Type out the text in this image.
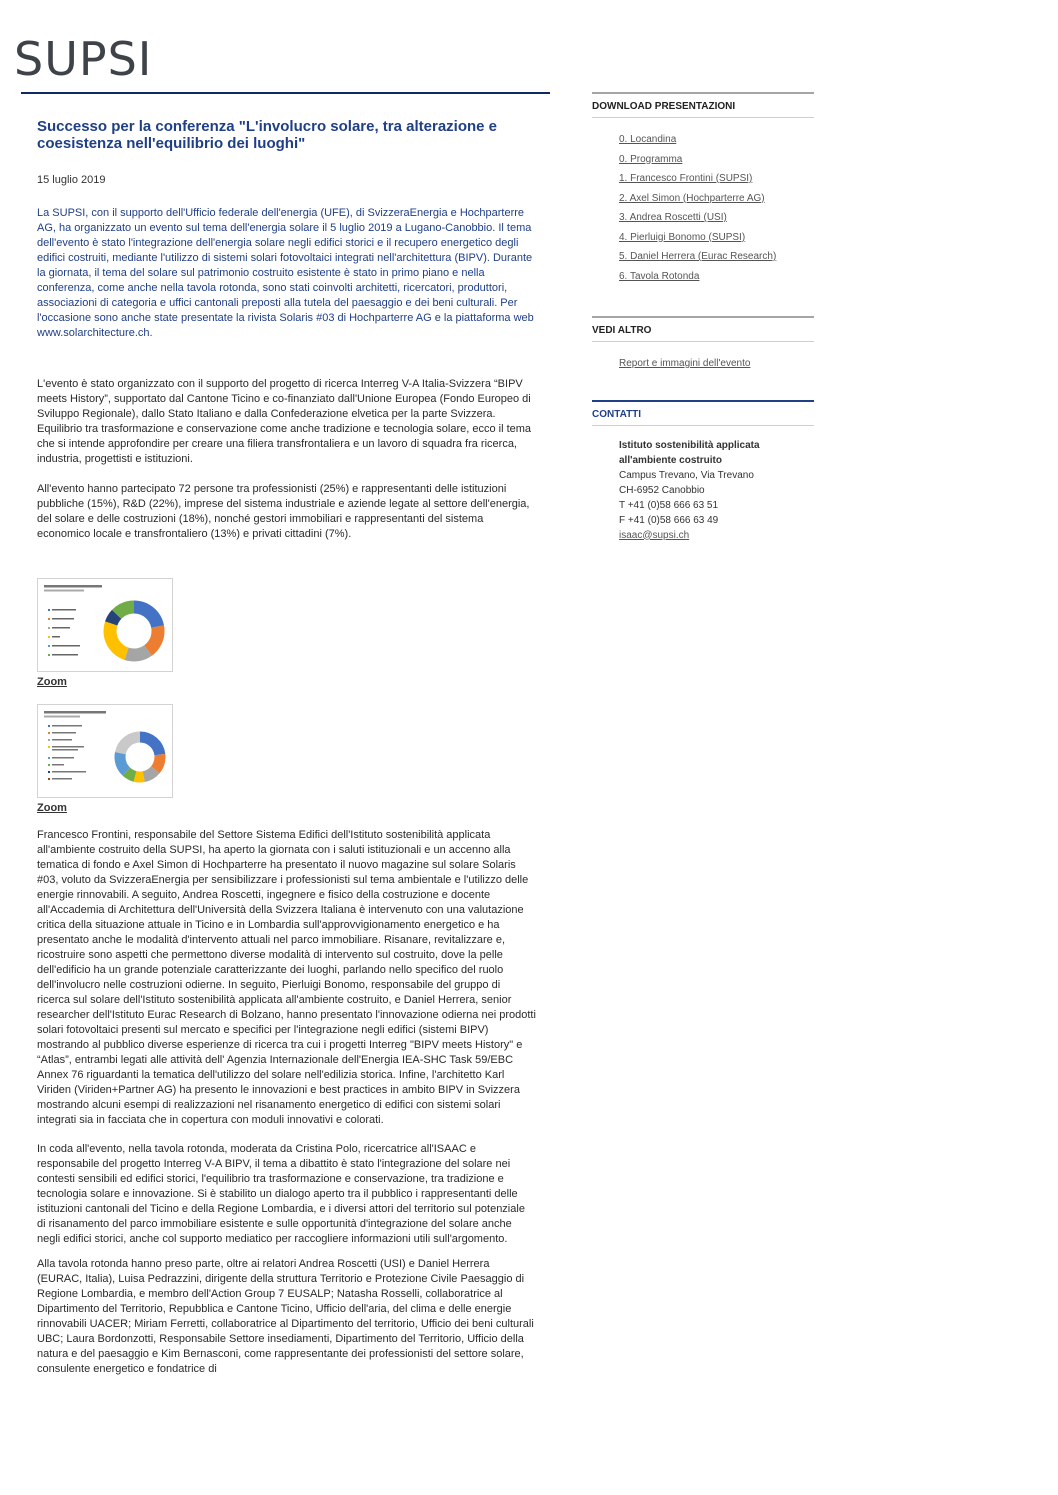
SUPSI
Successo per la conferenza "L'involucro solare, tra alterazione e coesistenza nell'equilibrio dei luoghi"
15 luglio 2019
La SUPSI, con il supporto dell'Ufficio federale dell'energia (UFE), di SvizzeraEnergia e Hochparterre AG, ha organizzato un evento sul tema dell'energia solare il 5 luglio 2019 a Lugano-Canobbio. Il tema dell'evento è stato l'integrazione dell'energia solare negli edifici storici e il recupero energetico degli edifici costruiti, mediante l'utilizzo di sistemi solari fotovoltaici integrati nell'architettura (BIPV). Durante la giornata, il tema del solare sul patrimonio costruito esistente è stato in primo piano e nella conferenza, come anche nella tavola rotonda, sono stati coinvolti architetti, ricercatori, produttori, associazioni di categoria e uffici cantonali preposti alla tutela del paesaggio e dei beni culturali. Per l'occasione sono anche state presentate la rivista Solaris #03 di Hochparterre AG e la piattaforma web www.solarchitecture.ch.
L'evento è stato organizzato con il supporto del progetto di ricerca Interreg V-A Italia-Svizzera “BIPV meets History”, supportato dal Cantone Ticino e co-finanziato dall'Unione Europea (Fondo Europeo di Sviluppo Regionale), dallo Stato Italiano e dalla Confederazione elvetica per la parte Svizzera. Equilibrio tra trasformazione e conservazione come anche tradizione e tecnologia solare, ecco il tema che si intende approfondire per creare una filiera transfrontaliera e un lavoro di squadra fra ricerca, industria, progettisti e istituzioni.
All'evento hanno partecipato 72 persone tra professionisti (25%) e rappresentanti delle istituzioni pubbliche (15%), R&D (22%), imprese del sistema industriale e aziende legate al settore dell'energia, del solare e delle costruzioni (18%), nonché gestori immobiliari e rappresentanti del sistema economico locale e transfrontaliero (13%) e privati cittadini (7%).
Zoom
Zoom
Francesco Frontini, responsabile del Settore Sistema Edifici dell'Istituto sostenibilità applicata all'ambiente costruito della SUPSI, ha aperto la giornata con i saluti istituzionali e un accenno alla tematica di fondo e Axel Simon di Hochparterre ha presentato il nuovo magazine sul solare Solaris #03, voluto da SvizzeraEnergia per sensibilizzare i professionisti sul tema ambientale e l'utilizzo delle energie rinnovabili. A seguito, Andrea Roscetti, ingegnere e fisico della costruzione e docente all'Accademia di Architettura dell'Università della Svizzera Italiana è intervenuto con una valutazione critica della situazione attuale in Ticino e in Lombardia sull'approvvigionamento energetico e ha presentato anche le modalità d'intervento attuali nel parco immobiliare. Risanare, revitalizzare e, ricostruire sono aspetti che permettono diverse modalità di intervento sul costruito, dove la pelle dell'edificio ha un grande potenziale caratterizzante dei luoghi, parlando nello specifico del ruolo dell'involucro nelle costruzioni odierne. In seguito, Pierluigi Bonomo, responsabile del gruppo di ricerca sul solare dell'Istituto sostenibilità applicata all'ambiente costruito, e Daniel Herrera, senior researcher dell'Istituto Eurac Research di Bolzano, hanno presentato l'innovazione odierna nei prodotti solari fotovoltaici presenti sul mercato e specifici per l'integrazione negli edifici (sistemi BIPV) mostrando al pubblico diverse esperienze di ricerca tra cui i progetti Interreg "BIPV meets History" e “Atlas”, entrambi legati alle attività dell' Agenzia Internazionale dell'Energia IEA-SHC Task 59/EBC Annex 76 riguardanti la tematica dell'utilizzo del solare nell'edilizia storica. Infine, l'architetto Karl Viriden (Viriden+Partner AG) ha presento le innovazioni e best practices in ambito BIPV in Svizzera mostrando alcuni esempi di realizzazioni nel risanamento energetico di edifici con sistemi solari integrati sia in facciata che in copertura con moduli innovativi e colorati.
In coda all'evento, nella tavola rotonda, moderata da Cristina Polo, ricercatrice all'ISAAC e responsabile del progetto Interreg V-A BIPV, il tema a dibattito è stato l'integrazione del solare nei contesti sensibili ed edifici storici, l'equilibrio tra trasformazione e conservazione, tra tradizione e tecnologia solare e innovazione. Si è stabilito un dialogo aperto tra il pubblico i rappresentanti delle istituzioni cantonali del Ticino e della Regione Lombardia, e i diversi attori del territorio sul potenziale di risanamento del parco immobiliare esistente e sulle opportunità d'integrazione del solare anche negli edifici storici, anche col supporto mediatico per raccogliere informazioni utili sull'argomento.
Alla tavola rotonda hanno preso parte, oltre ai relatori Andrea Roscetti (USI) e Daniel Herrera (EURAC, Italia), Luisa Pedrazzini, dirigente della struttura Territorio e Protezione Civile Paesaggio di Regione Lombardia, e membro dell'Action Group 7 EUSALP; Natasha Rosselli, collaboratrice al Dipartimento del Territorio, Repubblica e Cantone Ticino, Ufficio dell'aria, del clima e delle energie rinnovabili UACER; Miriam Ferretti, collaboratrice al Dipartimento del territorio, Ufficio dei beni culturali UBC; Laura Bordonzotti, Responsabile Settore insediamenti, Dipartimento del Territorio, Ufficio della natura e del paesaggio e Kim Bernasconi, come rappresentante dei professionisti del settore solare, consulente energetico e fondatrice di
DOWNLOAD PRESENTAZIONI
0. Locandina
0. Programma
1. Francesco Frontini (SUPSI)
2. Axel Simon (Hochparterre AG)
3. Andrea Roscetti (USI)
4. Pierluigi Bonomo (SUPSI)
5. Daniel Herrera (Eurac Research)
6. Tavola Rotonda
VEDI ALTRO
Report e immagini dell'evento
CONTATTI
Istituto sostenibilità applicata
all'ambiente costruito
Campus Trevano, Via Trevano
CH-6952 Canobbio
T +41 (0)58 666 63 51
F +41 (0)58 666 63 49
isaac@supsi.ch
